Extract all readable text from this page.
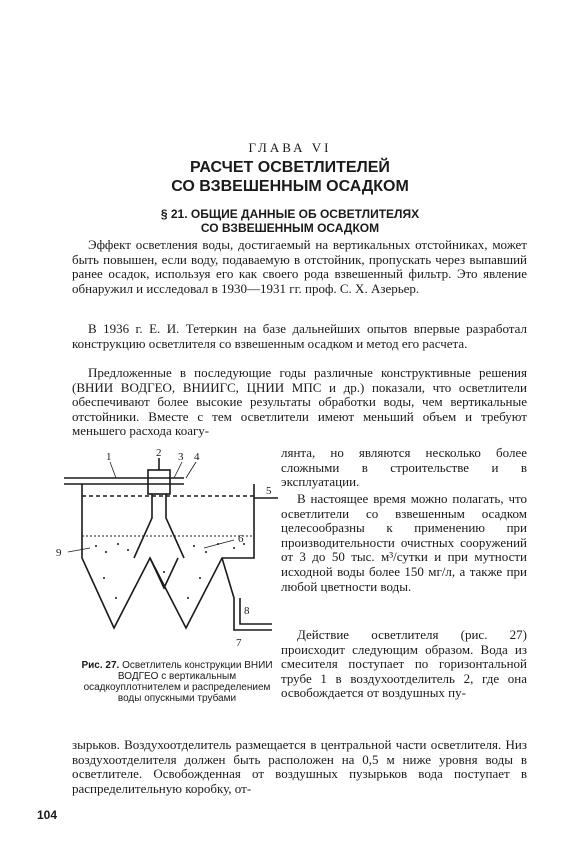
ГЛАВА VI
РАСЧЕТ ОСВЕТЛИТЕЛЕЙ
СО ВЗВЕШЕННЫМ ОСАДКОМ
§ 21. ОБЩИЕ ДАННЫЕ ОБ ОСВЕТЛИТЕЛЯХ
СО ВЗВЕШЕННЫМ ОСАДКОМ

Эффект осветления воды, достигаемый на вертикальных отстойниках, может быть повышен, если воду, подаваемую в отстойник, пропускать через выпавший ранее осадок, используя его как своего рода взвешенный фильтр. Это явление обнаружил и исследовал в 1930—1931 гг. проф. С. Х. Азерьер.

В 1936 г. Е. И. Тетеркин на базе дальнейших опытов впервые разработал конструкцию осветлителя со взвешенным осадком и метод его расчета.

Предложенные в последующие годы различные конструктивные решения (ВНИИ ВОДГЕО, ВНИИГС, ЦНИИ МПС и др.) показали, что осветлители обеспечивают более высокие результаты обработки воды, чем вертикальные отстойники. Вместе с тем осветлители имеют меньший объем и требуют меньшего расхода коагу-

лянта, но являются несколько более сложными в строительстве и в эксплуатации.

В настоящее время можно полагать, что осветлители со взвешенным осадком целесообразны к применению при производительности очистных сооружений от 3 до 50 тыс. м³/сутки и при мутности исходной воды более 150 мг/л, а также при любой цветности воды.

Действие осветлителя (рис. 27) происходит следующим образом. Вода из смесителя поступает по горизонтальной трубе 1 в воздухоотделитель 2, где она освобождается от воздушных пу-

1	2 3 4
5
6
7
8
9

Рис. 27. Осветлитель конструкции ВНИИ ВОДГЕО с вертикальным осадкоуплотнителем и распределением воды опускными трубами

зырьков. Воздухоотделитель размещается в центральной части осветлителя. Низ воздухоотделителя должен быть расположен на 0,5 м ниже уровня воды в осветлителе. Освобожденная от воздушных пузырьков вода поступает в распределительную коробку, от-

104
